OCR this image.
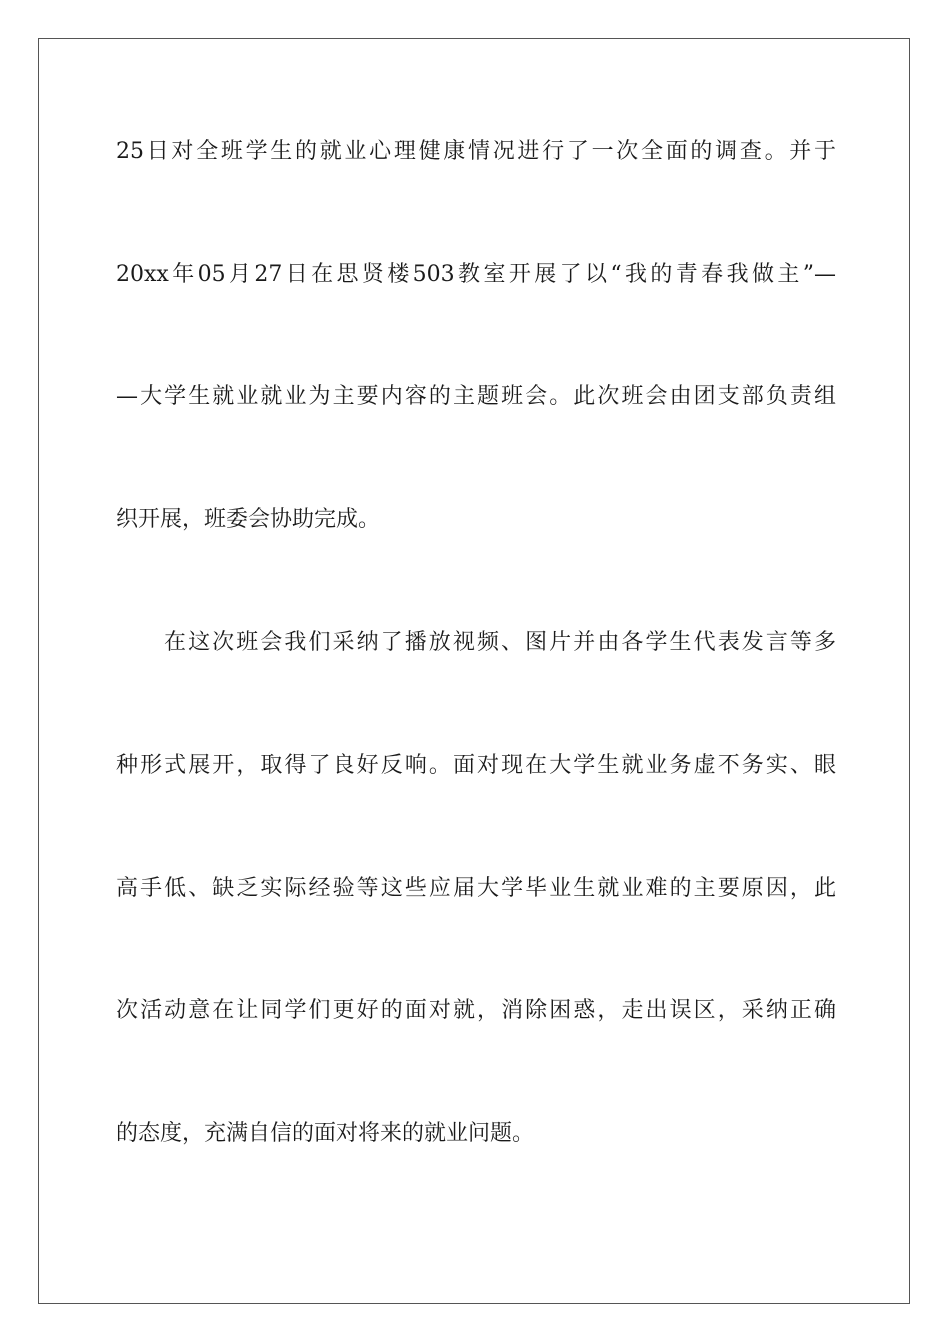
25日对全班学生的就业心理健康情况进行了一次全面的调查。并于
20xx年05月27日在思贤楼503教室开展了以“我的青春我做主”—
—大学生就业就业为主要内容的主题班会。此次班会由团支部负责组
织开展，班委会协助完成。
在这次班会我们采纳了播放视频、图片并由各学生代表发言等多
种形式展开，取得了良好反响。面对现在大学生就业务虚不务实、眼
高手低、缺乏实际经验等这些应届大学毕业生就业难的主要原因，此
次活动意在让同学们更好的面对就，消除困惑，走出误区，采纳正确
的态度，充满自信的面对将来的就业问题。
